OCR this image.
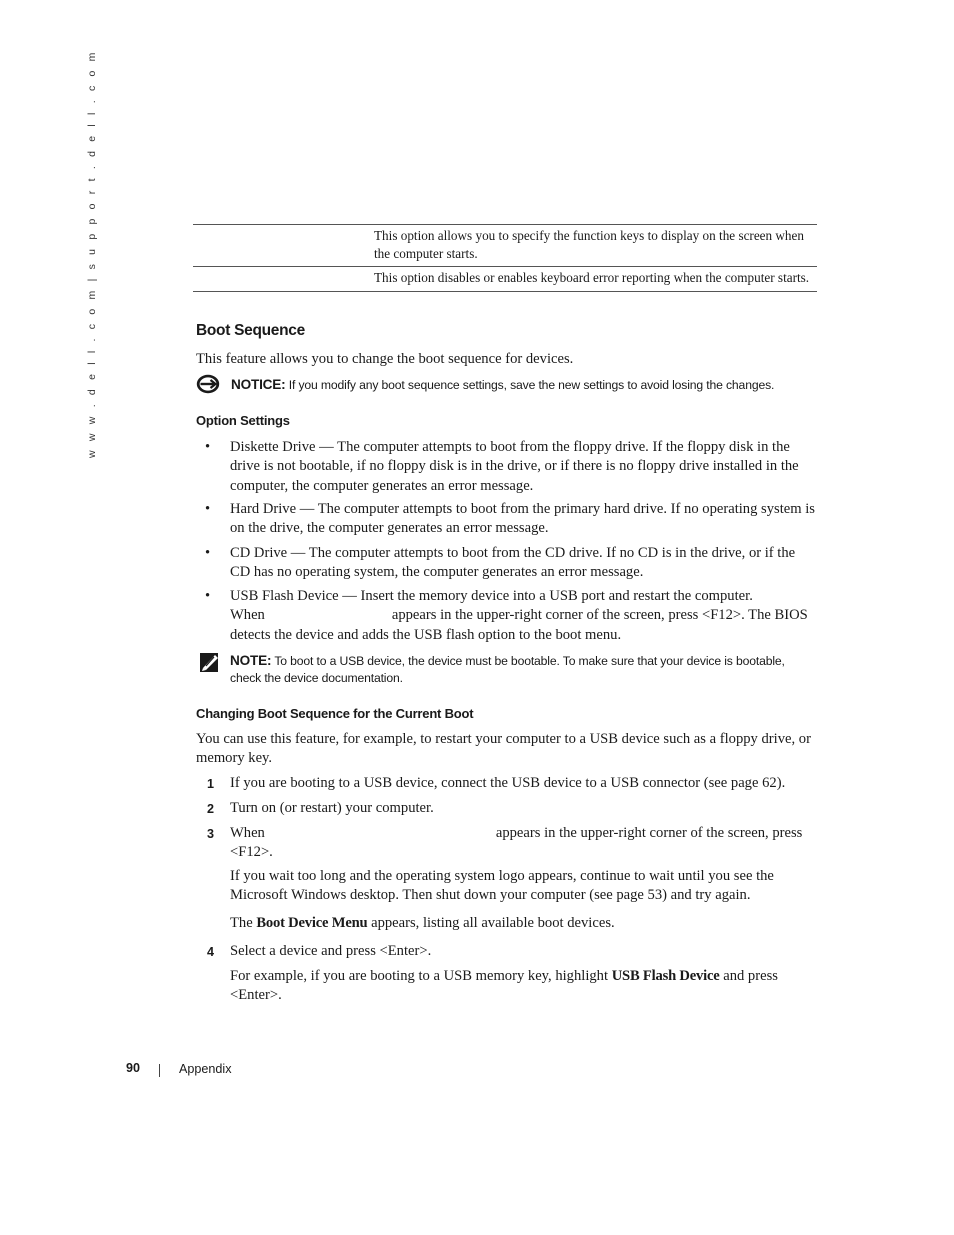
w w w . d e l l . c o m | s u p p o r t . d e l l . c o m
		This option allows you to specify the function keys to display on the screen when the computer starts.
	This option disables or enables keyboard error reporting when the computer starts.
Boot Sequence
This feature allows you to change the boot sequence for devices.
NOTICE: If you modify any boot sequence settings, save the new settings to avoid losing the changes.
Option Settings
•	Diskette Drive — The computer attempts to boot from the floppy drive. If the floppy disk in the drive is not bootable, if no floppy disk is in the drive, or if there is no floppy drive installed in the computer, the computer generates an error message.
•	Hard Drive — The computer attempts to boot from the primary hard drive. If no operating system is on the drive, the computer generates an error message.
•	CD Drive — The computer attempts to boot from the CD drive. If no CD is in the drive, or if the CD has no operating system, the computer generates an error message.
•	USB Flash Device — Insert the memory device into a USB port and restart the computer.
When	appears in the upper-right corner of the screen, press <F12>. The BIOS detects the device and adds the USB flash option to the boot menu.
NOTE: To boot to a USB device, the device must be bootable. To make sure that your device is bootable, check the device documentation.
Changing Boot Sequence for the Current Boot
You can use this feature, for example, to restart your computer to a USB device such as a floppy drive, or memory key.
1 If you are booting to a USB device, connect the USB device to a USB connector (see page 62).
2 Turn on (or restart) your computer.
3 When	appears in the upper-right corner of the screen, press <F12>.
If you wait too long and the operating system logo appears, continue to wait until you see the Microsoft Windows desktop. Then shut down your computer (see page 53) and try again.
The Boot Device Menu appears, listing all available boot devices.
4 Select a device and press <Enter>.
For example, if you are booting to a USB memory key, highlight USB Flash Device and press <Enter>.
90	Appendix
